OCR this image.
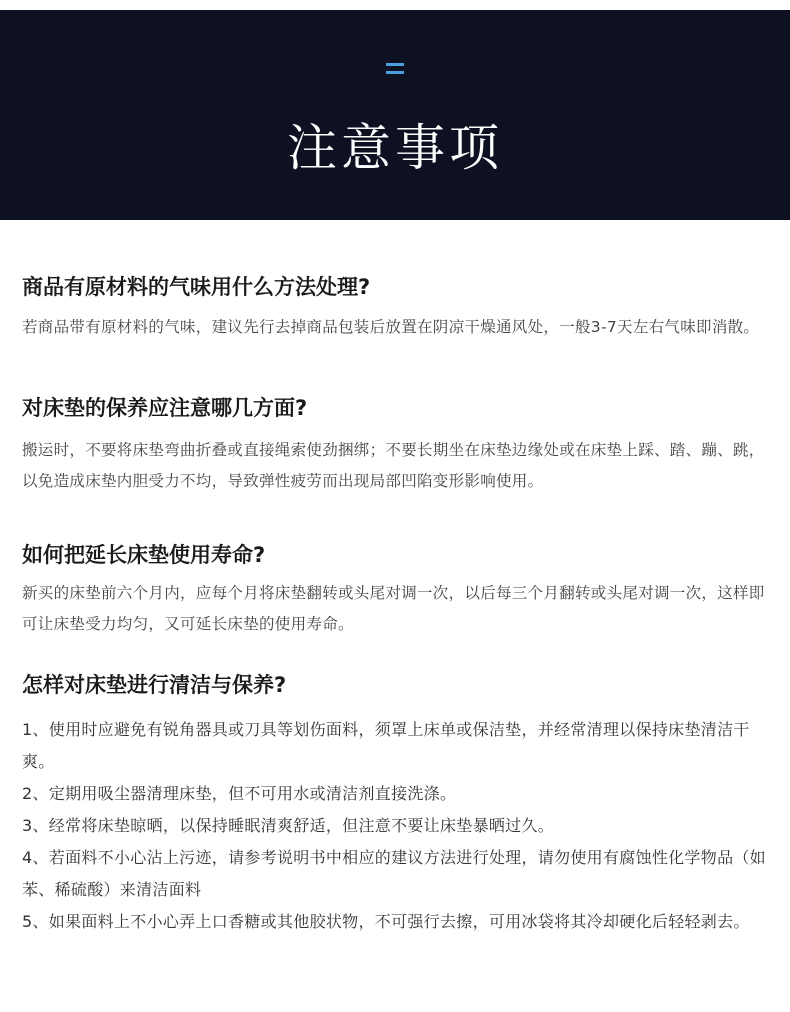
注意事项

商品有原材料的气味用什么方法处理?

若商品带有原材料的气味，建议先行去掉商品包装后放置在阴凉干燥通风处，一般3-7天左右气味即消散。

对床垫的保养应注意哪几方面?

搬运时，不要将床垫弯曲折叠或直接绳索使劲捆绑；不要长期坐在床垫边缘处或在床垫上踩、踏、蹦、跳，以免造成床垫内胆受力不均，导致弹性疲劳而出现局部凹陷变形影响使用。

如何把延长床垫使用寿命?

新买的床垫前六个月内，应每个月将床垫翻转或头尾对调一次，以后每三个月翻转或头尾对调一次，这样即可让床垫受力均匀，又可延长床垫的使用寿命。

怎样对床垫进行清洁与保养?

1、使用时应避免有锐角器具或刀具等划伤面料，须罩上床单或保洁垫，并经常清理以保持床垫清洁干爽。

2、定期用吸尘器清理床垫，但不可用水或清洁剂直接洗涤。

3、经常将床垫晾晒，以保持睡眠清爽舒适，但注意不要让床垫暴晒过久。

4、若面料不小心沾上污迹，请参考说明书中相应的建议方法进行处理，请勿使用有腐蚀性化学物品（如苯、稀硫酸）来清洁面料

5、如果面料上不小心弄上口香糖或其他胶状物，不可强行去擦，可用冰袋将其冷却硬化后轻轻剥去。
